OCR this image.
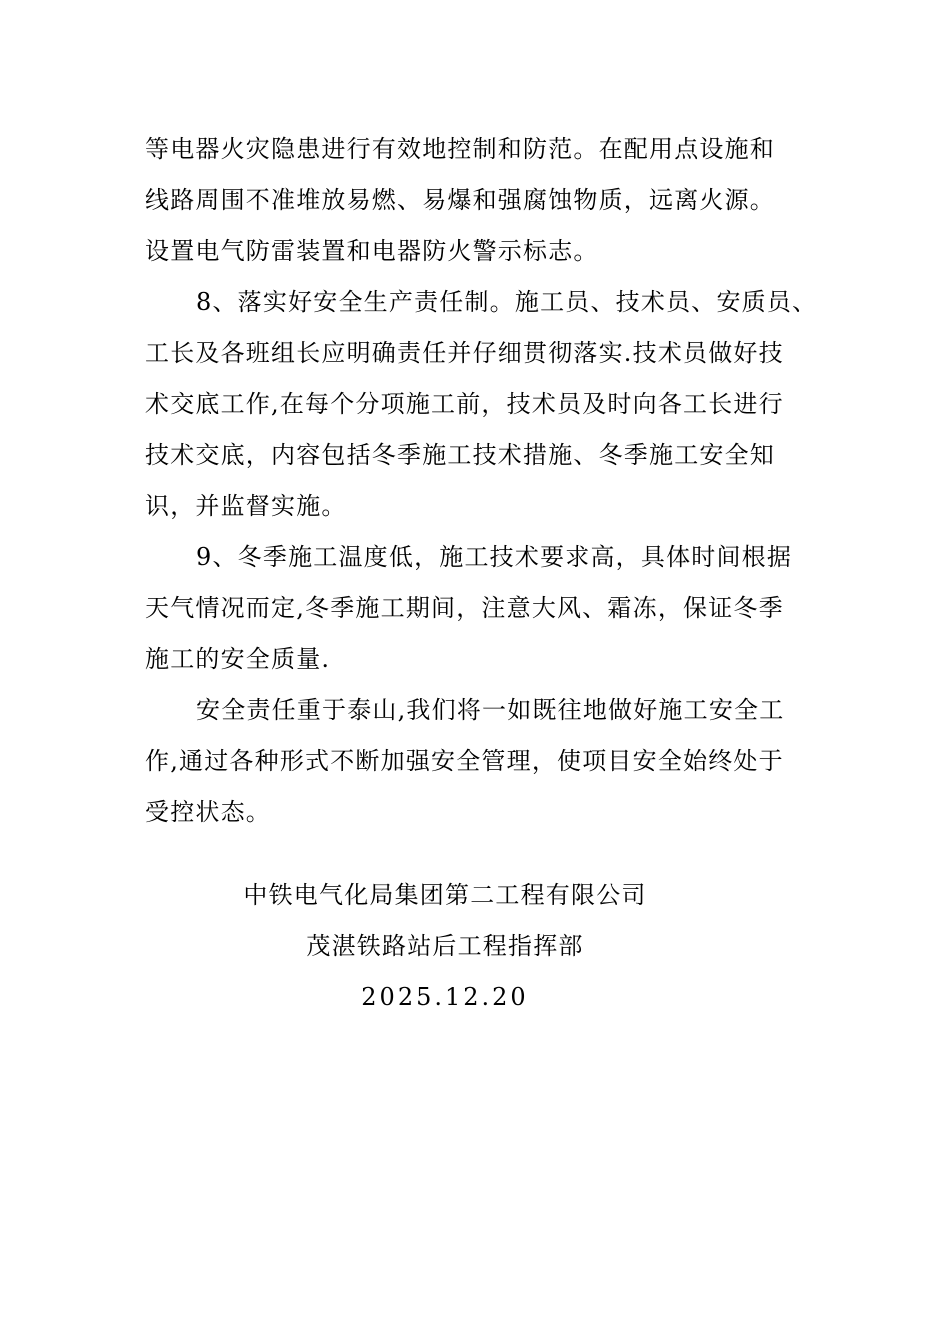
等电器火灾隐患进行有效地控制和防范。在配用点设施和
线路周围不准堆放易燃、易爆和强腐蚀物质，远离火源。
设置电气防雷装置和电器防火警示标志。
8、落实好安全生产责任制。施工员、技术员、安质员、
工长及各班组长应明确责任并仔细贯彻落实.技术员做好技
术交底工作,在每个分项施工前，技术员及时向各工长进行
技术交底，内容包括冬季施工技术措施、冬季施工安全知
识，并监督实施。
9、冬季施工温度低，施工技术要求高，具体时间根据
天气情况而定,冬季施工期间，注意大风、霜冻，保证冬季
施工的安全质量.
安全责任重于泰山,我们将一如既往地做好施工安全工
作,通过各种形式不断加强安全管理，使项目安全始终处于
受控状态。
中铁电气化局集团第二工程有限公司
茂湛铁路站后工程指挥部
2025.12.20
